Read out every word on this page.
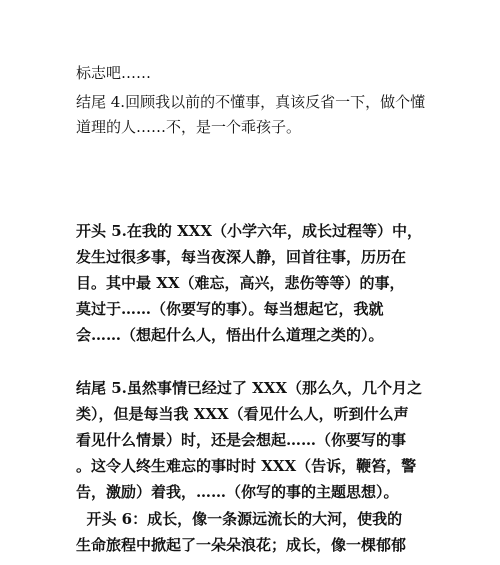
标志吧……
结尾 4.回顾我以前的不懂事，真该反省一下，做个懂
道理的人……不，是一个乖孩子。
开头 5.在我的 XXX（小学六年，成长过程等）中，
发生过很多事，每当夜深人静，回首往事，历历在
目。其中最 XX（难忘，高兴，悲伤等等）的事，
莫过于……（你要写的事）。每当想起它，我就
会……（想起什么人，悟出什么道理之类的）。
结尾 5.虽然事情已经过了 XXX（那么久，几个月之
类），但是每当我 XXX（看见什么人，听到什么声
看见什么情景）时，还是会想起……（你要写的事
。这令人终生难忘的事时时 XXX（告诉，鞭笞，警
告，激励）着我，……（你写的事的主题思想）。
开头 6：成长，像一条源远流长的大河，使我的
生命旅程中掀起了一朵朵浪花；成长，像一棵郁郁
